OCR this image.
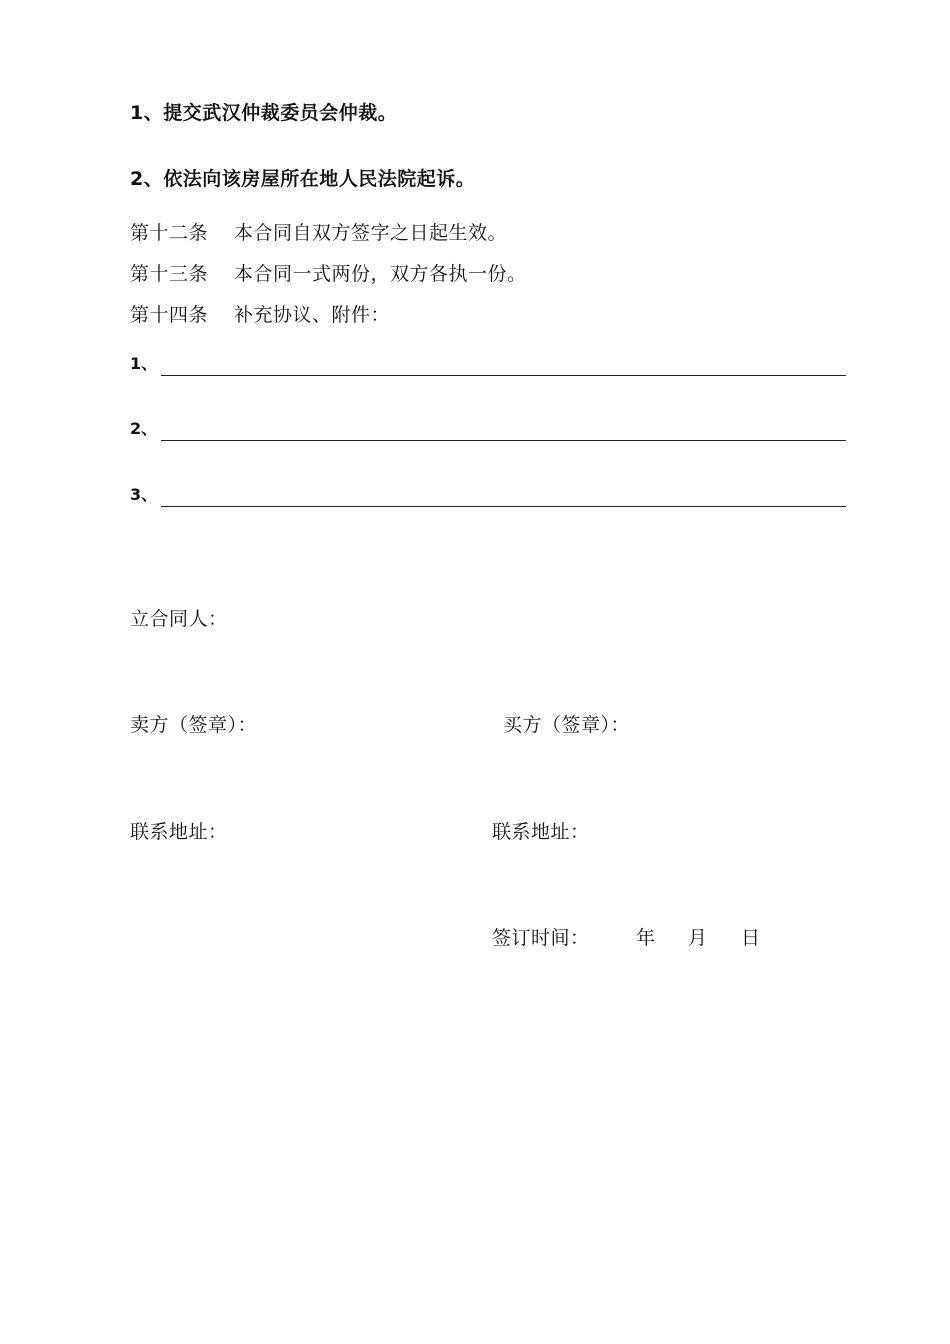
1、提交武汉仲裁委员会仲裁。
2、依法向该房屋所在地人民法院起诉。
第十二条 本合同自双方签字之日起生效。
第十三条 本合同一式两份，双方各执一份。
第十四条 补充协议、附件：
1、
2、
3、
立合同人：
卖方（签章）：	买方（签章）：
联系地址：	联系地址：
签订时间： 年 月 日
